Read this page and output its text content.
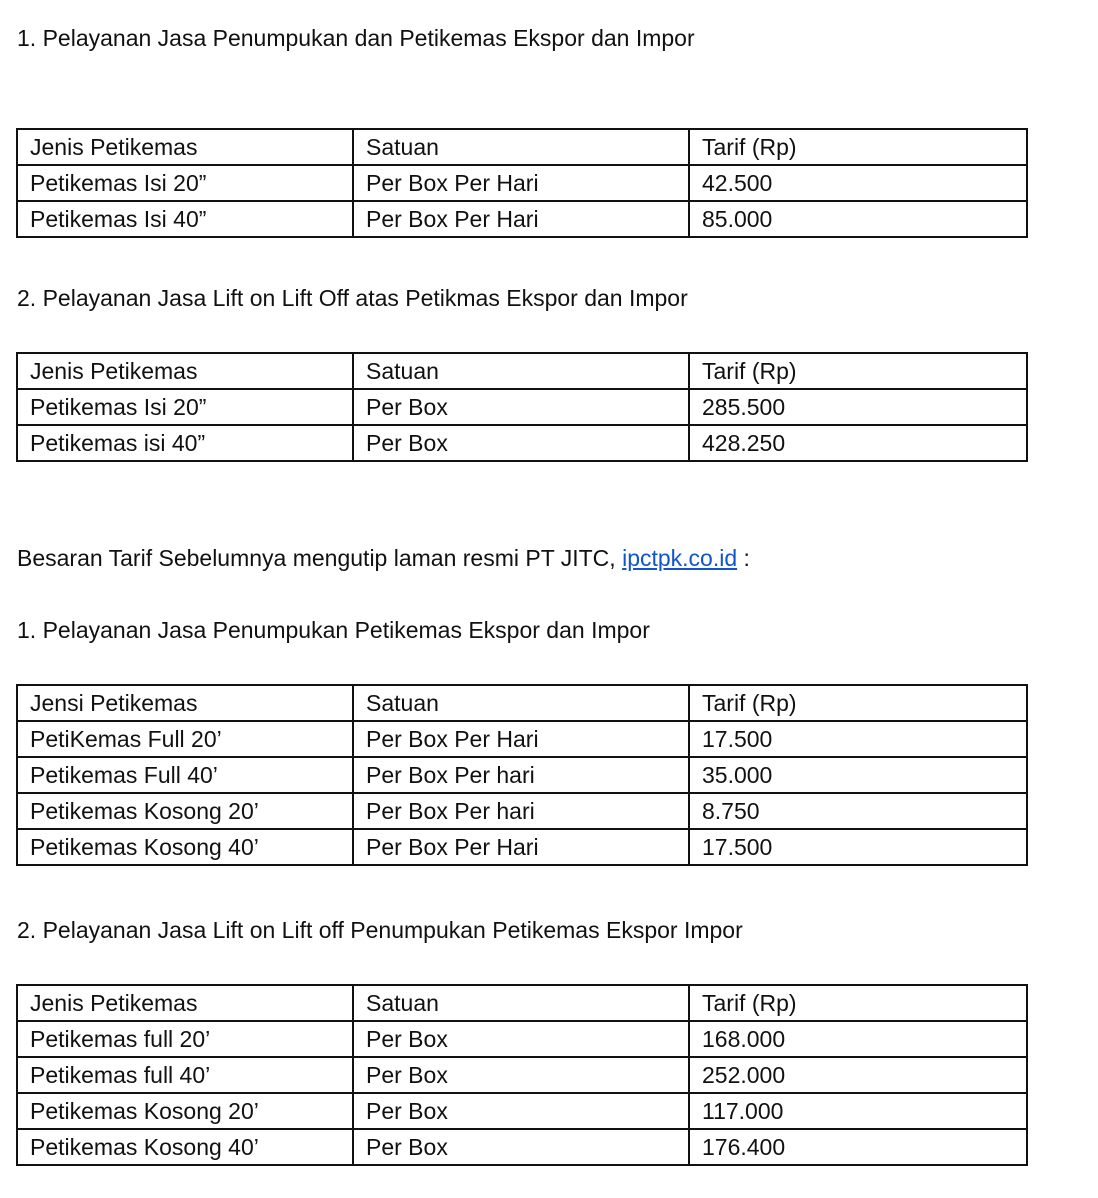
1. Pelayanan Jasa Penumpukan dan Petikemas Ekspor dan Impor

Jenis Petikemas	Satuan	Tarif (Rp)
Petikemas Isi 20”	Per Box Per Hari	42.500
Petikemas Isi 40”	Per Box Per Hari	85.000

2. Pelayanan Jasa Lift on Lift Off atas Petikmas Ekspor dan Impor

Jenis Petikemas	Satuan	Tarif (Rp)
Petikemas Isi 20”	Per Box	285.500
Petikemas isi 40”	Per Box	428.250

Besaran Tarif Sebelumnya mengutip laman resmi PT JITC, ipctpk.co.id :

1. Pelayanan Jasa Penumpukan Petikemas Ekspor dan Impor

Jensi Petikemas	Satuan	Tarif (Rp)
PetiKemas Full 20’	Per Box Per Hari	17.500
Petikemas Full 40’	Per Box Per hari	35.000
Petikemas Kosong 20’	Per Box Per hari	8.750
Petikemas Kosong 40’	Per Box Per Hari	17.500

2. Pelayanan Jasa Lift on Lift off Penumpukan Petikemas Ekspor Impor

Jenis Petikemas	Satuan	Tarif (Rp)
Petikemas full 20’	Per Box	168.000
Petikemas full 40’	Per Box	252.000
Petikemas Kosong 20’	Per Box	117.000
Petikemas Kosong 40’	Per Box	176.400
